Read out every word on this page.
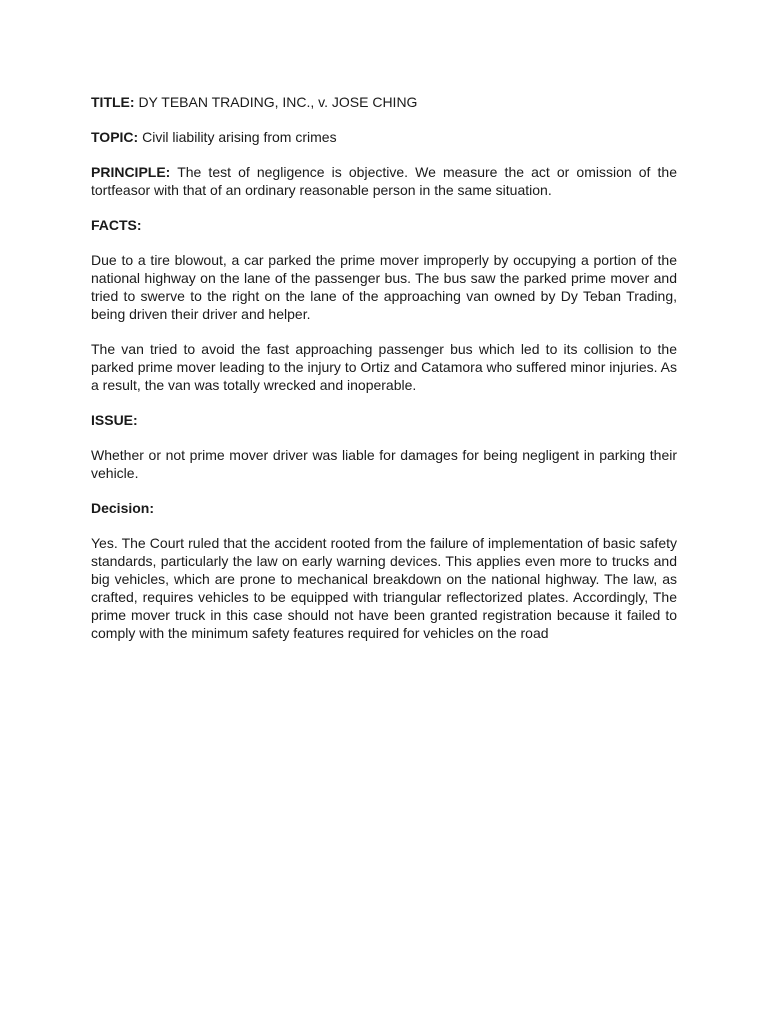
TITLE: DY TEBAN TRADING, INC., v. JOSE CHING
TOPIC: Civil liability arising from crimes
PRINCIPLE: The test of negligence is objective. We measure the act or omission of the tortfeasor with that of an ordinary reasonable person in the same situation.
FACTS:

Due to a tire blowout, a car parked the prime mover improperly by occupying a portion of the national highway on the lane of the passenger bus. The bus saw the parked prime mover and tried to swerve to the right on the lane of the approaching van owned by Dy Teban Trading, being driven their driver and helper.

The van tried to avoid the fast approaching passenger bus which led to its collision to the parked prime mover leading to the injury to Ortiz and Catamora who suffered minor injuries. As a result, the van was totally wrecked and inoperable.

ISSUE:

Whether or not prime mover driver was liable for damages for being negligent in parking their vehicle.

Decision:

Yes. The Court ruled that the accident rooted from the failure of implementation of basic safety standards, particularly the law on early warning devices. This applies even more to trucks and big vehicles, which are prone to mechanical breakdown on the national highway. The law, as crafted, requires vehicles to be equipped with triangular reflectorized plates. Accordingly, The prime mover truck in this case should not have been granted registration because it failed to comply with the minimum safety features required for vehicles on the road
